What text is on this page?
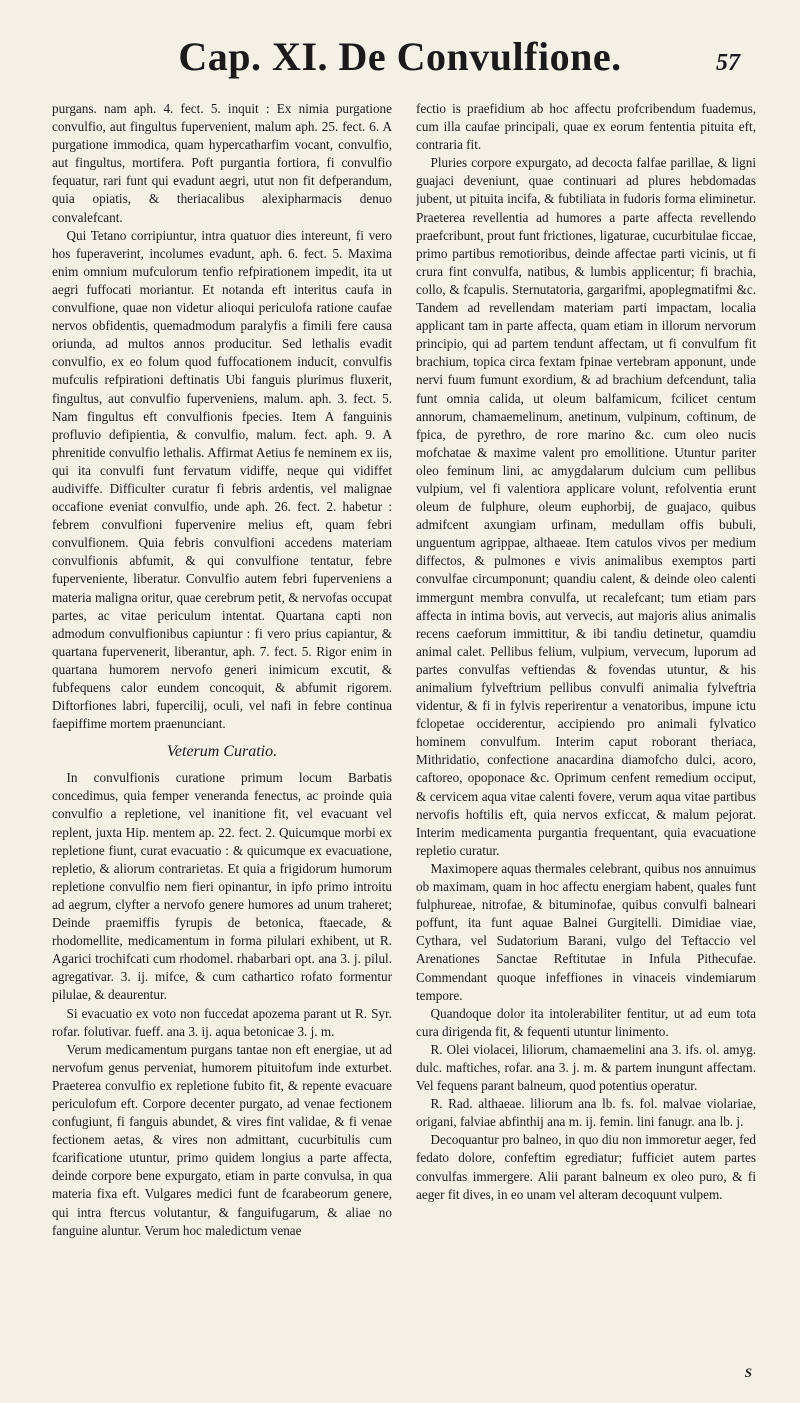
Cap. XI. De Convulfione.	57

purgans. nam aph. 4. fect. 5. inquit : Ex nimia purgatione convulfio, aut fingultus fupervenient, malum aph. 25. fect. 6. A purgatione immodica, quam hypercatharfim vocant, convulfio, aut fingultus, mortifera. Poft purgantia fortiora, fi convulfio fequatur, rari funt qui evadunt aegri, utut non fit defperandum, quia opiatis, & theriacalibus alexipharmacis denuo convalefcant.

Qui Tetano corripiuntur, intra quatuor dies intereunt, fi vero hos fuperaverint, incolumes evadunt, aph. 6. fect. 5. Maxima enim omnium mufculorum tenfio refpirationem impedit, ita ut aegri fuffocati moriantur. Et notanda eft interitus caufa in convulfione, quae non videtur alioqui periculofa ratione caufae nervos obfidentis, quemadmodum paralyfis a fimili fere causa oriunda, ad multos annos producitur. Sed lethalis evadit convulfio, ex eo folum quod fuffocationem inducit, convulfis mufculis refpirationi deftinatis Ubi fanguis plurimus fluxerit, fingultus, aut convulfio fuperveniens, malum. aph. 3. fect. 5. Nam fingultus eft convulfionis fpecies. Item A fanguinis profluvio defipientia, & convulfio, malum. fect. aph. 9. A phrenitide convulfio lethalis. Affirmat Aetius fe neminem ex iis, qui ita convulfi funt fervatum vidiffe, neque qui vidiffet audiviffe. Difficulter curatur fi febris ardentis, vel malignae occafione eveniat convulfio, unde aph. 26. fect. 2. habetur : febrem convulfioni fupervenire melius eft, quam febri convulfionem. Quia febris convulfioni accedens materiam convulfionis abfumit, & qui convulfione tentatur, febre fuperveniente, liberatur. Convulfio autem febri fuperveniens a materia maligna oritur, quae cerebrum petit, & nervofas occupat partes, ac vitae periculum intentat. Quartana capti non admodum convulfionibus capiuntur : fi vero prius capiantur, & quartana fupervenerit, liberantur, aph. 7. fect. 5. Rigor enim in quartana humorem nervofo generi inimicum excutit, & fubfequens calor eundem concoquit, & abfumit rigorem. Diftorfiones labri, fupercilij, oculi, vel nafi in febre continua faepiffime mortem praenunciant.

Veterum Curatio.

In convulfionis curatione primum locum Barbatis concedimus, quia femper veneranda fenectus, ac proinde quia convulfio a repletione, vel inanitione fit, vel evacuant vel replent, juxta Hip. mentem ap. 22. fect. 2. Quicumque morbi ex repletione fiunt, curat evacuatio : & quicumque ex evacuatione, repletio, & aliorum contrarietas. Et quia a frigidorum humorum repletione convulfio nem fieri opinantur, in ipfo primo introitu ad aegrum, clyfter a nervofo genere humores ad unum traheret; Deinde praemiffis fyrupis de betonica, ftaecade, & rhodomellite, medicamentum in forma pilulari exhibent, ut R. Agarici trochifcati cum rhodomel. rhabarbari opt. ana 3. j. pilul. agregativar. 3. ij. mifce, & cum cathartico rofato formentur pilulae, & deaurentur.

Si evacuatio ex voto non fuccedat apozema parant ut R. Syr. rofar. folutivar. fueff. ana 3. ij. aqua betonicae 3. j. m.

Verum medicamentum purgans tantae non eft energiae, ut ad nervofum genus perveniat, humorem pituitofum inde exturbet. Praeterea convulfio ex repletione fubito fit, & repente evacuare periculofum eft. Corpore decenter purgato, ad venae fectionem confugiunt, fi fanguis abundet, & vires fint validae, & fi venae fectionem aetas, & vires non admittant, cucurbitulis cum fcarificatione utuntur, primo quidem longius a parte affecta, deinde corpore bene expurgato, etiam in parte convulsa, in qua materia fixa eft. Vulgares medici funt de fcarabeorum genere, qui intra ftercus volutantur, & fanguifugarum, & aliae no fanguine aluntur. Verum hoc maledictum venae

fectio is praefidium ab hoc affectu profcribendum fuademus, cum illa caufae principali, quae ex eorum fententia pituita eft, contraria fit.

Pluries corpore expurgato, ad decocta falfae parillae, & ligni guajaci deveniunt, quae continuari ad plures hebdomadas jubent, ut pituita incifa, & fubtiliata in fudoris forma eliminetur. Praeterea revellentia ad humores a parte affecta revellendo praefcribunt, prout funt frictiones, ligaturae, cucurbitulae ficcae, primo partibus remotioribus, deinde affectae parti vicinis, ut fi crura fint convulfa, natibus, & lumbis applicentur; fi brachia, collo, & fcapulis. Sternutatoria, gargarifmi, apoplegmatifmi &c. Tandem ad revellendam materiam parti impactam, localia applicant tam in parte affecta, quam etiam in illorum nervorum principio, qui ad partem tendunt affectam, ut fi convulfum fit brachium, topica circa fextam fpinae vertebram apponunt, unde nervi fuum fumunt exordium, & ad brachium defcendunt, talia funt omnia calida, ut oleum balfamicum, fcilicet centum annorum, chamaemelinum, anetinum, vulpinum, coftinum, de fpica, de pyrethro, de rore marino &c. cum oleo nucis mofchatae & maxime valent pro emollitione. Utuntur pariter oleo feminum lini, ac amygdalarum dulcium cum pellibus vulpium, vel fi valentiora applicare volunt, refolventia erunt oleum de fulphure, oleum euphorbij, de guajaco, quibus admifcent axungiam urfinam, medullam offis bubuli, unguentum agrippae, althaeae. Item catulos vivos per medium diffectos, & pulmones e vivis animalibus exemptos parti convulfae circumponunt; quandiu calent, & deinde oleo calenti immergunt membra convulfa, ut recalefcant; tum etiam pars affecta in intima bovis, aut vervecis, aut majoris alius animalis recens caeforum immittitur, & ibi tandiu detinetur, quamdiu animal calet. Pellibus felium, vulpium, vervecum, luporum ad partes convulfas veftiendas & fovendas utuntur, & his animalium fylveftrium pellibus convulfi animalia fylveftria videntur, & fi in fylvis reperirentur a venatoribus, impune ictu fclopetae occiderentur, accipiendo pro animali fylvatico hominem convulfum. Interim caput roborant theriaca, Mithridatio, confectione anacardina diamofcho dulci, acoro, caftoreo, opoponace &c. Oprimum cenfent remedium occiput, & cervicem aqua vitae calenti fovere, verum aqua vitae partibus nervofis hoftilis eft, quia nervos exficcat, & malum pejorat. Interim medicamenta purgantia frequentant, quia evacuatione repletio curatur.

Maximopere aquas thermales celebrant, quibus nos annuimus ob maximam, quam in hoc affectu energiam habent, quales funt fulphureae, nitrofae, & bituminofae, quibus convulfi balneari poffunt, ita funt aquae Balnei Gurgitelli. Dimidiae viae, Cythara, vel Sudatorium Barani, vulgo del Teftaccio vel Arenationes Sanctae Reftitutae in Infula Pithecufae. Commendant quoque infeffiones in vinaceis vindemiarum tempore.

Quandoque dolor ita intolerabiliter fentitur, ut ad eum tota cura dirigenda fit, & fequenti utuntur linimento.

R. Olei violacei, liliorum, chamaemelini ana 3. ifs. ol. amyg. dulc. maftiches, rofar. ana 3. j. m. & partem inungunt affectam. Vel fequens parant balneum, quod potentius operatur.

R. Rad. althaeae. liliorum ana lb. fs. fol. malvae violariae, origani, falviae abfinthij ana m. ij. femin. lini fanugr. ana lb. j.

Decoquantur pro balneo, in quo diu non immoretur aeger, fed fedato dolore, confeftim egrediatur; fufficiet autem partes convulfas immergere. Alii parant balneum ex oleo puro, & fi aeger fit dives, in eo unam vel alteram decoquunt vulpem.

S
